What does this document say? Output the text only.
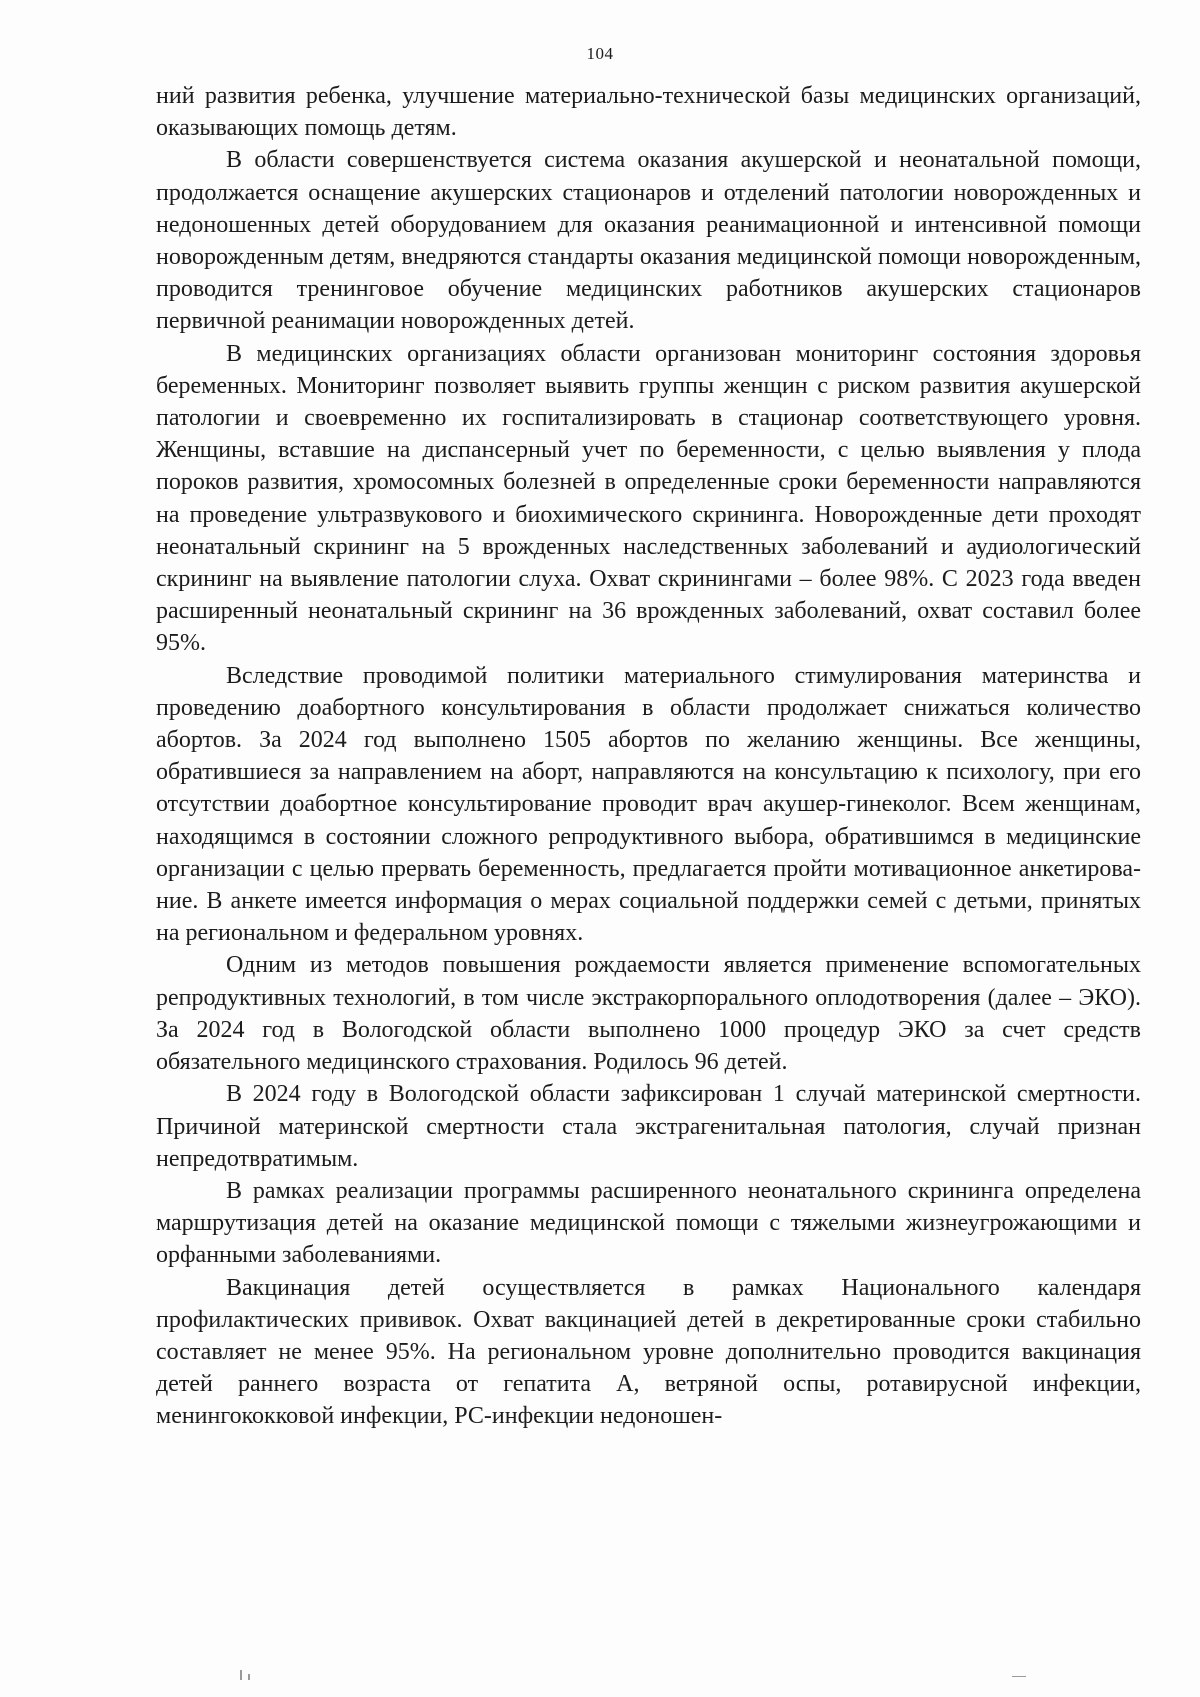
104

ний развития ребенка, улучшение материально-технической базы медицинских организаций, оказывающих помощь детям.

В области совершенствуется система оказания акушерской и неонатальной помощи, продолжается оснащение акушерских стационаров и отделений патологии новорожденных и недоношенных детей оборудованием для оказания реанимационной и интенсивной помощи новорожденным детям, внедряются стандарты оказания медицинской помощи новорожденным, проводится тренинговое обучение медицинских работников акушерских стационаров первичной реанимации новорожденных детей.

В медицинских организациях области организован мониторинг состояния здоровья беременных. Мониторинг позволяет выявить группы женщин с риском развития акушерской патологии и своевременно их госпитализировать в стационар соответствующего уровня. Женщины, вставшие на диспансерный учет по беременности, с целью выявления у плода пороков развития, хромосомных болезней в определенные сроки беременности направляются на проведение ультразвукового и биохимического скрининга. Новорожденные дети проходят неонатальный скрининг на 5 врожденных наследственных заболеваний и аудиологический скрининг на выявление патологии слуха. Охват скринингами – более 98%. С 2023 года введен расширенный неонатальный скрининг на 36 врожденных заболеваний, охват составил более 95%.

Вследствие проводимой политики материального стимулирования материнства и проведению доабортного консультирования в области продолжает снижаться количество абортов. За 2024 год выполнено 1505 абортов по желанию женщины. Все женщины, обратившиеся за направлением на аборт, направляются на консультацию к психологу, при его отсутствии доабортное консультирование проводит врач акушер-гинеколог. Всем женщинам, находящимся в состоянии сложного репродуктивного выбора, обратившимся в медицинские организации с целью прервать беременность, предлагается пройти мотивационное анкетирование. В анкете имеется информация о мерах социальной поддержки семей с детьми, принятых на региональном и федеральном уровнях.

Одним из методов повышения рождаемости является применение вспомогательных репродуктивных технологий, в том числе экстракорпорального оплодотворения (далее – ЭКО). За 2024 год в Вологодской области выполнено 1000 процедур ЭКО за счет средств обязательного медицинского страхования. Родилось 96 детей.

В 2024 году в Вологодской области зафиксирован 1 случай материнской смертности. Причиной материнской смертности стала экстрагенитальная патология, случай признан непредотвратимым.

В рамках реализации программы расширенного неонатального скрининга определена маршрутизация детей на оказание медицинской помощи с тяжелыми жизнеугрожающими и орфанными заболеваниями.

Вакцинация детей осуществляется в рамках Национального календаря профилактических прививок. Охват вакцинацией детей в декретированные сроки стабильно составляет не менее 95%. На региональном уровне дополнительно проводится вакцинация детей раннего возраста от гепатита А, ветряной оспы, ротавирусной инфекции, менингококковой инфекции, РС-инфекции недоношен-
